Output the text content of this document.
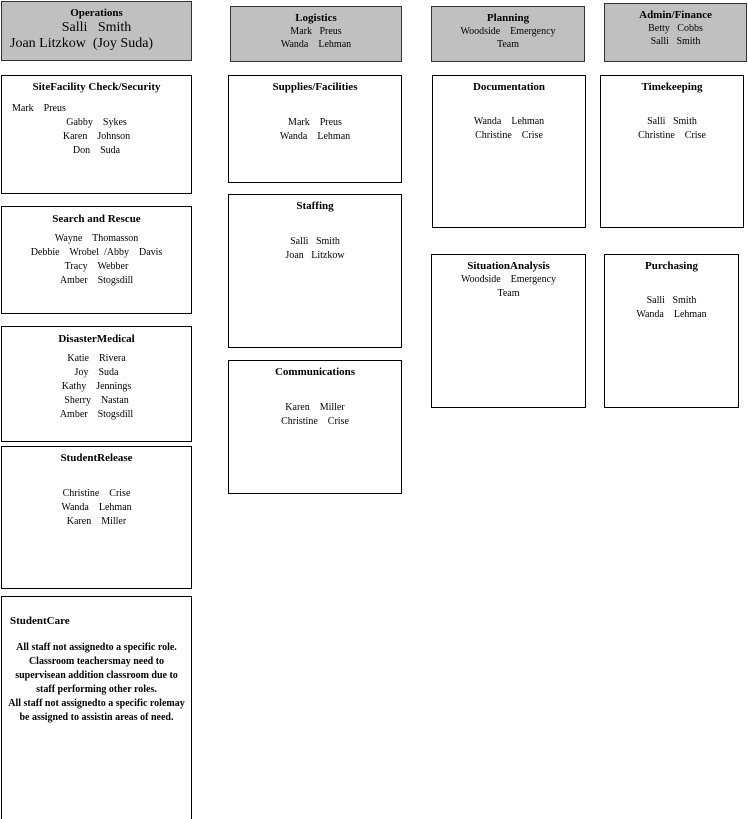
Operations
Salli   Smith
Joan Litzkow  (Joy Suda)
Logistics
Mark   Preus
Wanda    Lehman
Planning
Woodside    Emergency
Team
Admin/Finance
Betty   Cobbs
Salli   Smith
SiteFacility Check/Security
Mark    Preus
Gabby    Sykes
Karen    Johnson
Don    Suda
Search and Rescue
Wayne    Thomasson
Debbie    Wrobel  /Abby    Davis
Tracy    Webber
Amber    Stogsdill
DisasterMedical
Katie    Rivera
Joy    Suda
Kathy    Jennings
Sherry    Nastan
Amber    Stogsdill
StudentRelease
Christine    Crise
Wanda    Lehman
Karen    Miller
StudentCare
All staff not assignedto a specific role. Classroom teachersmay need to supervisean addition classroom due to staff performing other roles.
All staff not assignedto a specific rolemay be assigned to assistin areas of need.
Supplies/Facilities
Mark    Preus
Wanda    Lehman
Staffing
Salli   Smith
Joan   Litzkow
Communications
Karen    Miller
Christine    Crise
Documentation
Wanda    Lehman
Christine    Crise
SituationAnalysis
Woodside    Emergency
Team
Timekeeping
Salli   Smith
Christine    Crise
Purchasing
Salli   Smith
Wanda    Lehman
